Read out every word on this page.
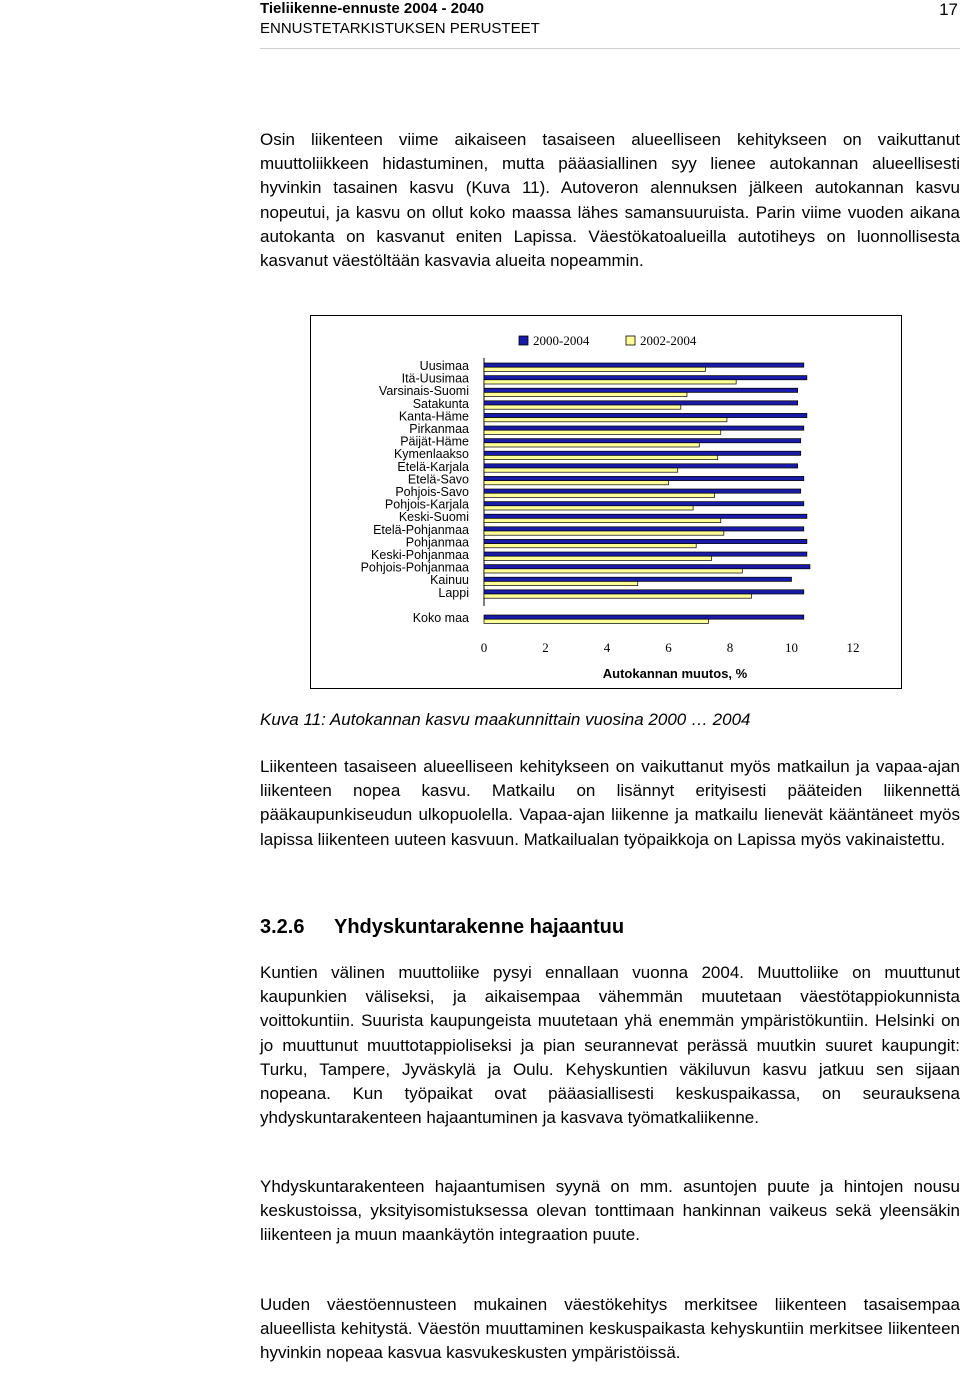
Tieliikenne-ennuste 2004 - 2040
ENNUSTETARKISTUKSEN PERUSTEET
17

Osin liikenteen viime aikaiseen tasaiseen alueelliseen kehitykseen on vaikuttanut muuttoliikkeen hidastuminen, mutta pääasiallinen syy lienee autokannan alueellisesti hyvinkin tasainen kasvu (Kuva 11). Autoveron alennuksen jälkeen autokannan kasvu nopeutui, ja kasvu on ollut koko maassa lähes samansuuruista. Parin viime vuoden aikana autokanta on kasvanut eniten Lapissa. Väestökatoalueilla autotiheys on luonnollisesta kasvanut väestöltään kasvavia alueita nopeammin.

Uusimaa
Itä-Uusimaa
Varsinais-Suomi
Satakunta
Kanta-Häme
Pirkanmaa
Päijät-Häme
Kymenlaakso
Etelä-Karjala
Etelä-Savo
Pohjois-Savo
Pohjois-Karjala
Keski-Suomi
Etelä-Pohjanmaa
Pohjanmaa
Keski-Pohjanmaa
Pohjois-Pohjanmaa
Kainuu
Lappi
Koko maa
0	2	4	6	8	10	12
Autokannan muutos, %
2000-2004	2002-2004

Kuva 11: Autokannan kasvu maakunnittain vuosina 2000 … 2004

Liikenteen tasaiseen alueelliseen kehitykseen on vaikuttanut myös matkailun ja vapaa-ajan liikenteen nopea kasvu. Matkailu on lisännyt erityisesti pääteiden liikennettä pääkaupunkiseudun ulkopuolella. Vapaa-ajan liikenne ja matkailu lienevät kääntäneet myös lapissa liikenteen uuteen kasvuun. Matkailualan työpaikkoja on Lapissa myös vakinaistettu.

3.2.6 Yhdyskuntarakenne hajaantuu

Kuntien välinen muuttoliike pysyi ennallaan vuonna 2004. Muuttoliike on muuttunut kaupunkien väliseksi, ja aikaisempaa vähemmän muutetaan väestötappiokunnista voittokuntiin. Suurista kaupungeista muutetaan yhä enemmän ympäristökuntiin. Helsinki on jo muuttunut muuttotappioliseksi ja pian seurannevat perässä muutkin suuret kaupungit: Turku, Tampere, Jyväskylä ja Oulu. Kehyskuntien väkiluvun kasvu jatkuu sen sijaan nopeana. Kun työpaikat ovat pääasiallisesti keskuspaikassa, on seurauksena yhdyskuntarakenteen hajaantuminen ja kasvava työmatkaliikenne.

Yhdyskuntarakenteen hajaantumisen syynä on mm. asuntojen puute ja hintojen nousu keskustoissa, yksityisomistuksessa olevan tonttimaan hankinnan vaikeus sekä yleensäkin liikenteen ja muun maankäytön integraation puute.

Uuden väestöennusteen mukainen väestökehitys merkitsee liikenteen tasaisempaa alueellista kehitystä. Väestön muuttaminen keskuspaikasta kehyskuntiin merkitsee liikenteen hyvinkin nopeaa kasvua kasvukeskusten ympäristöissä.
